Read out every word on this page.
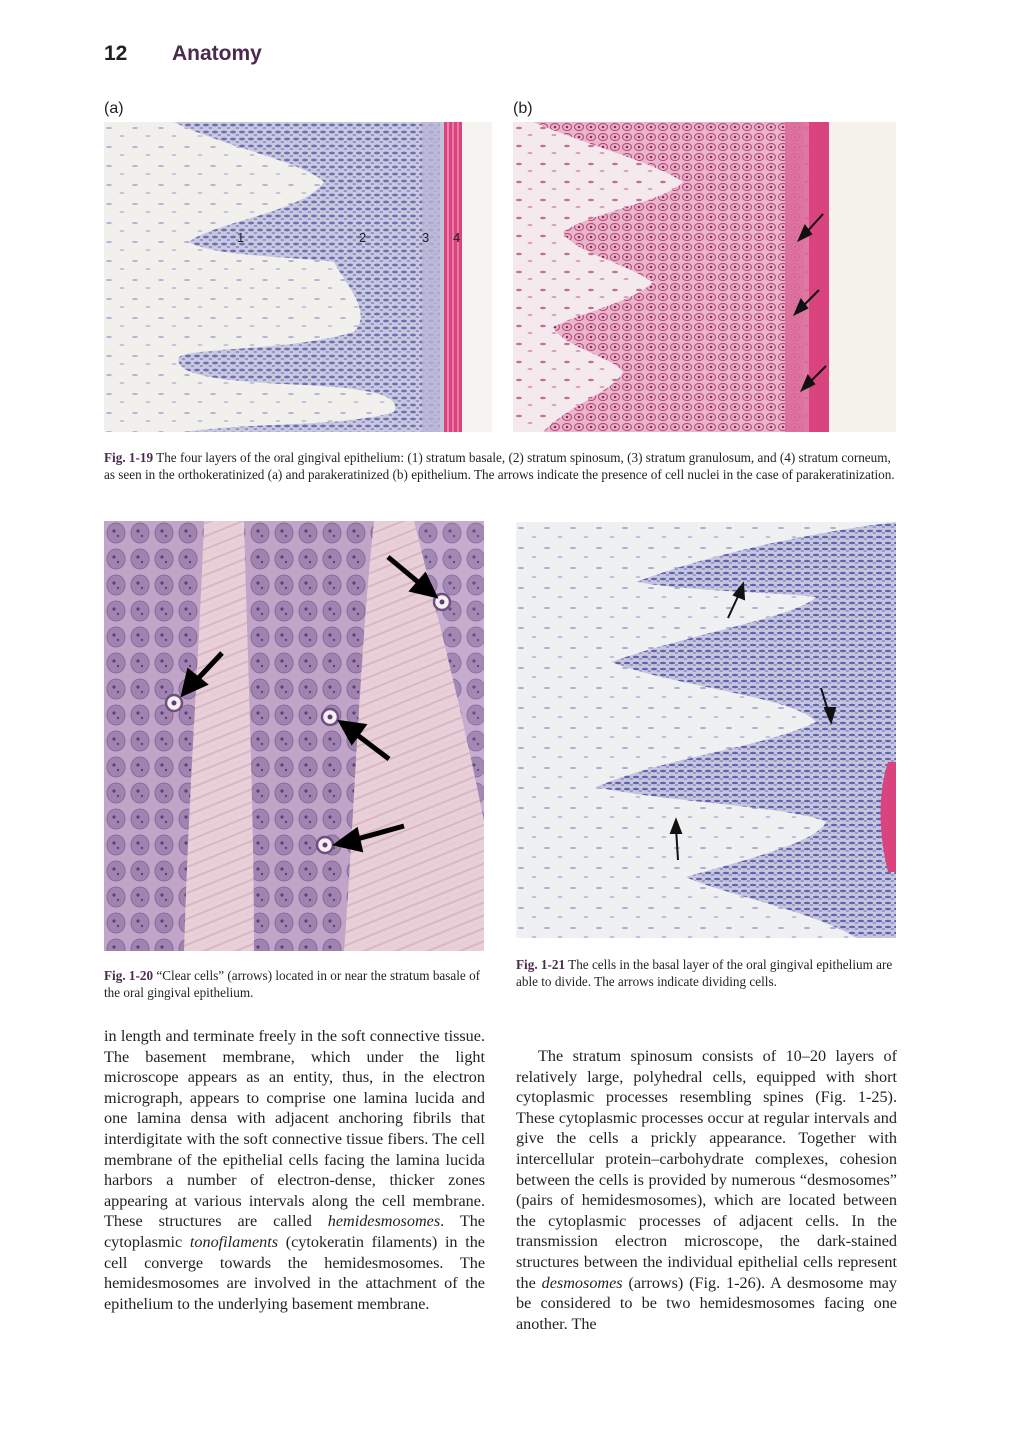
12 Anatomy
(a)	(b)
1	2	3 4
Fig. 1-19 The four layers of the oral gingival epithelium: (1) stratum basale, (2) stratum spinosum, (3) stratum granulosum, and (4) stratum corneum, as seen in the orthokeratinized (a) and parakeratinized (b) epithelium. The arrows indicate the presence of cell nuclei in the case of parakeratinization.
Fig. 1-20 “Clear cells” (arrows) located in or near the stratum basale of the oral gingival epithelium.
Fig. 1-21 The cells in the basal layer of the oral gingival epithelium are able to divide. The arrows indicate dividing cells.

in length and terminate freely in the soft connective tissue. The basement membrane, which under the light microscope appears as an entity, thus, in the electron micrograph, appears to comprise one lamina lucida and one lamina densa with adjacent anchoring fibrils that interdigitate with the soft connective tissue fibers. The cell membrane of the epithelial cells facing the lamina lucida harbors a number of electron-dense, thicker zones appearing at various intervals along the cell membrane. These structures are called hemidesmosomes. The cytoplasmic tonofilaments (cytokeratin filaments) in the cell converge towards the hemidesmosomes. The hemidesmosomes are involved in the attachment of the epithelium to the underlying basement membrane.

The stratum spinosum consists of 10–20 layers of relatively large, polyhedral cells, equipped with short cytoplasmic processes resembling spines (Fig. 1-25). These cytoplasmic processes occur at regular intervals and give the cells a prickly appearance. Together with intercellular protein–carbohydrate complexes, cohesion between the cells is provided by numerous “desmosomes” (pairs of hemidesmosomes), which are located between the cytoplasmic processes of adjacent cells. In the transmission electron microscope, the dark-stained structures between the individual epithelial cells represent the desmosomes (arrows) (Fig. 1-26). A desmosome may be considered to be two hemidesmosomes facing one another. The
